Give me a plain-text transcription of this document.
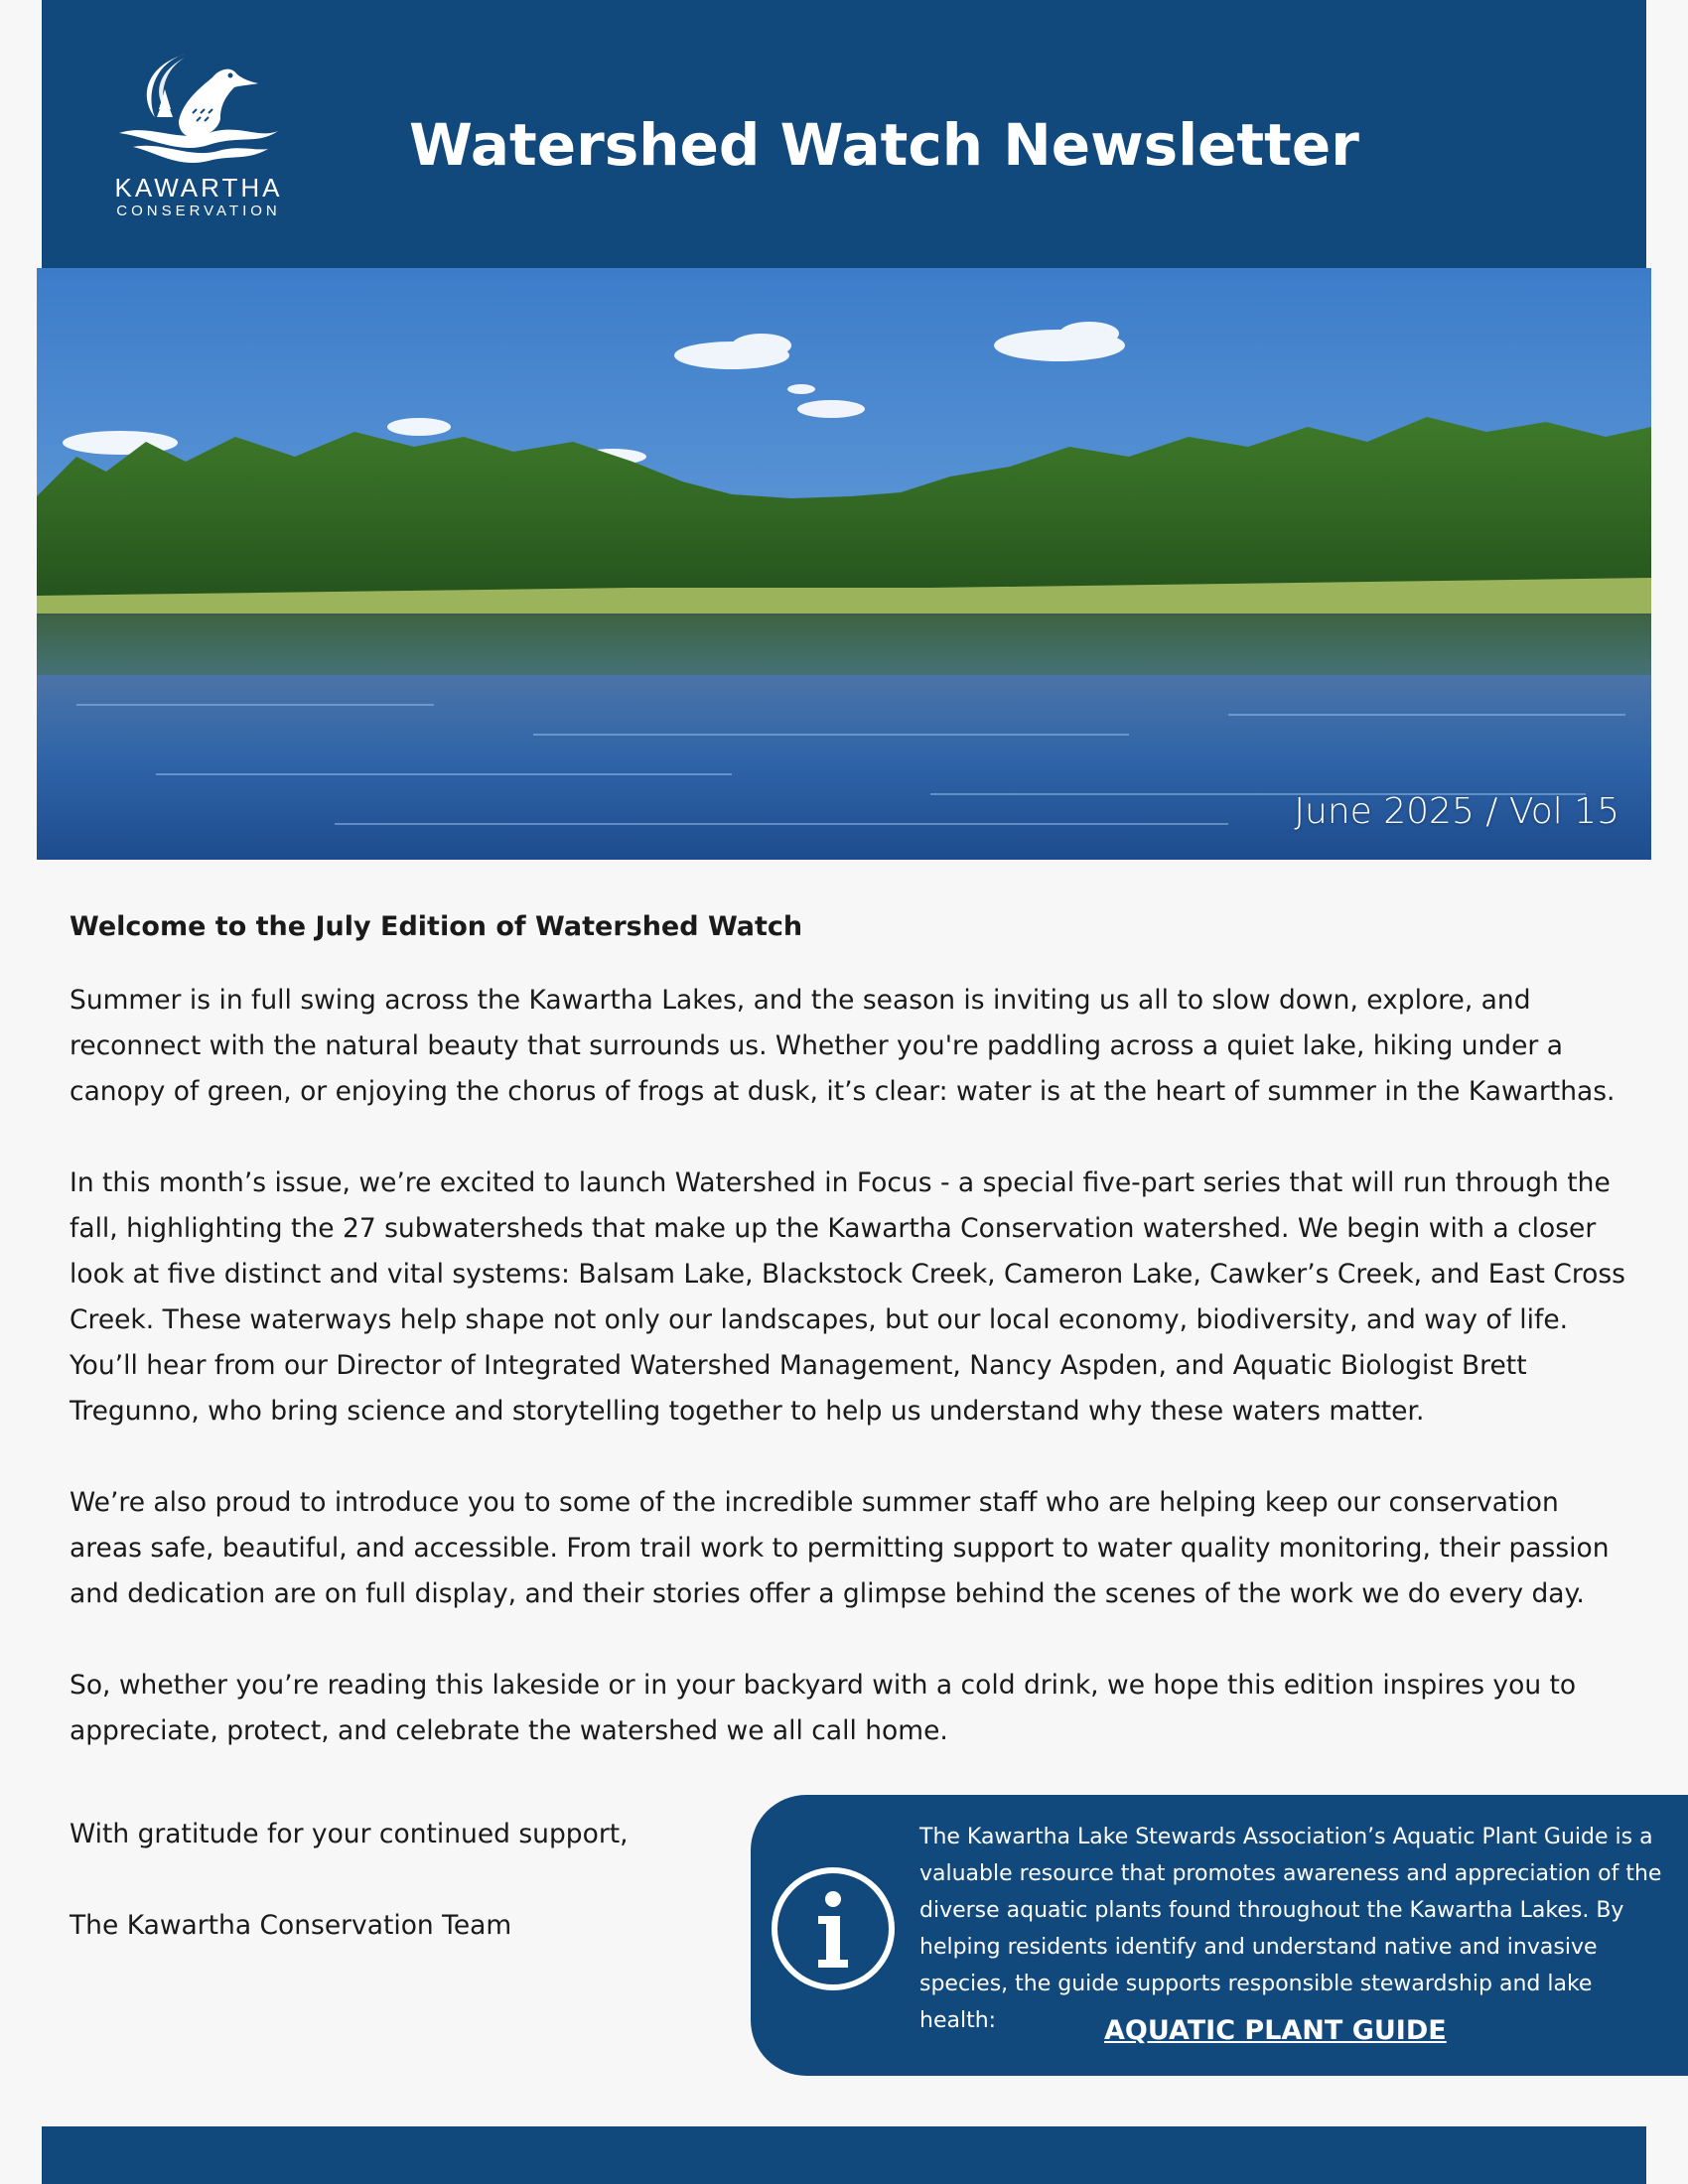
KAWARTHA
CONSERVATION
Watershed Watch Newsletter
June 2025 / Vol 15

Welcome to the July Edition of Watershed Watch

Summer is in full swing across the Kawartha Lakes, and the season is inviting us all to slow down, explore, and reconnect with the natural beauty that surrounds us. Whether you're paddling across a quiet lake, hiking under a canopy of green, or enjoying the chorus of frogs at dusk, it’s clear: water is at the heart of summer in the Kawarthas.

In this month’s issue, we’re excited to launch Watershed in Focus - a special five-part series that will run through the fall, highlighting the 27 subwatersheds that make up the Kawartha Conservation watershed. We begin with a closer look at five distinct and vital systems: Balsam Lake, Blackstock Creek, Cameron Lake, Cawker’s Creek, and East Cross Creek. These waterways help shape not only our landscapes, but our local economy, biodiversity, and way of life. You’ll hear from our Director of Integrated Watershed Management, Nancy Aspden, and Aquatic Biologist Brett Tregunno, who bring science and storytelling together to help us understand why these waters matter.

We’re also proud to introduce you to some of the incredible summer staff who are helping keep our conservation areas safe, beautiful, and accessible. From trail work to permitting support to water quality monitoring, their passion and dedication are on full display, and their stories offer a glimpse behind the scenes of the work we do every day.

So, whether you’re reading this lakeside or in your backyard with a cold drink, we hope this edition inspires you to appreciate, protect, and celebrate the watershed we all call home.

With gratitude for your continued support,
The Kawartha Conservation Team
The Kawartha Lake Stewards Association’s Aquatic Plant Guide is a valuable resource that promotes awareness and appreciation of the diverse aquatic plants found throughout the Kawartha Lakes. By helping residents identify and understand native and invasive species, the guide supports responsible stewardship and lake health:	AQUATIC PLANT GUIDE
